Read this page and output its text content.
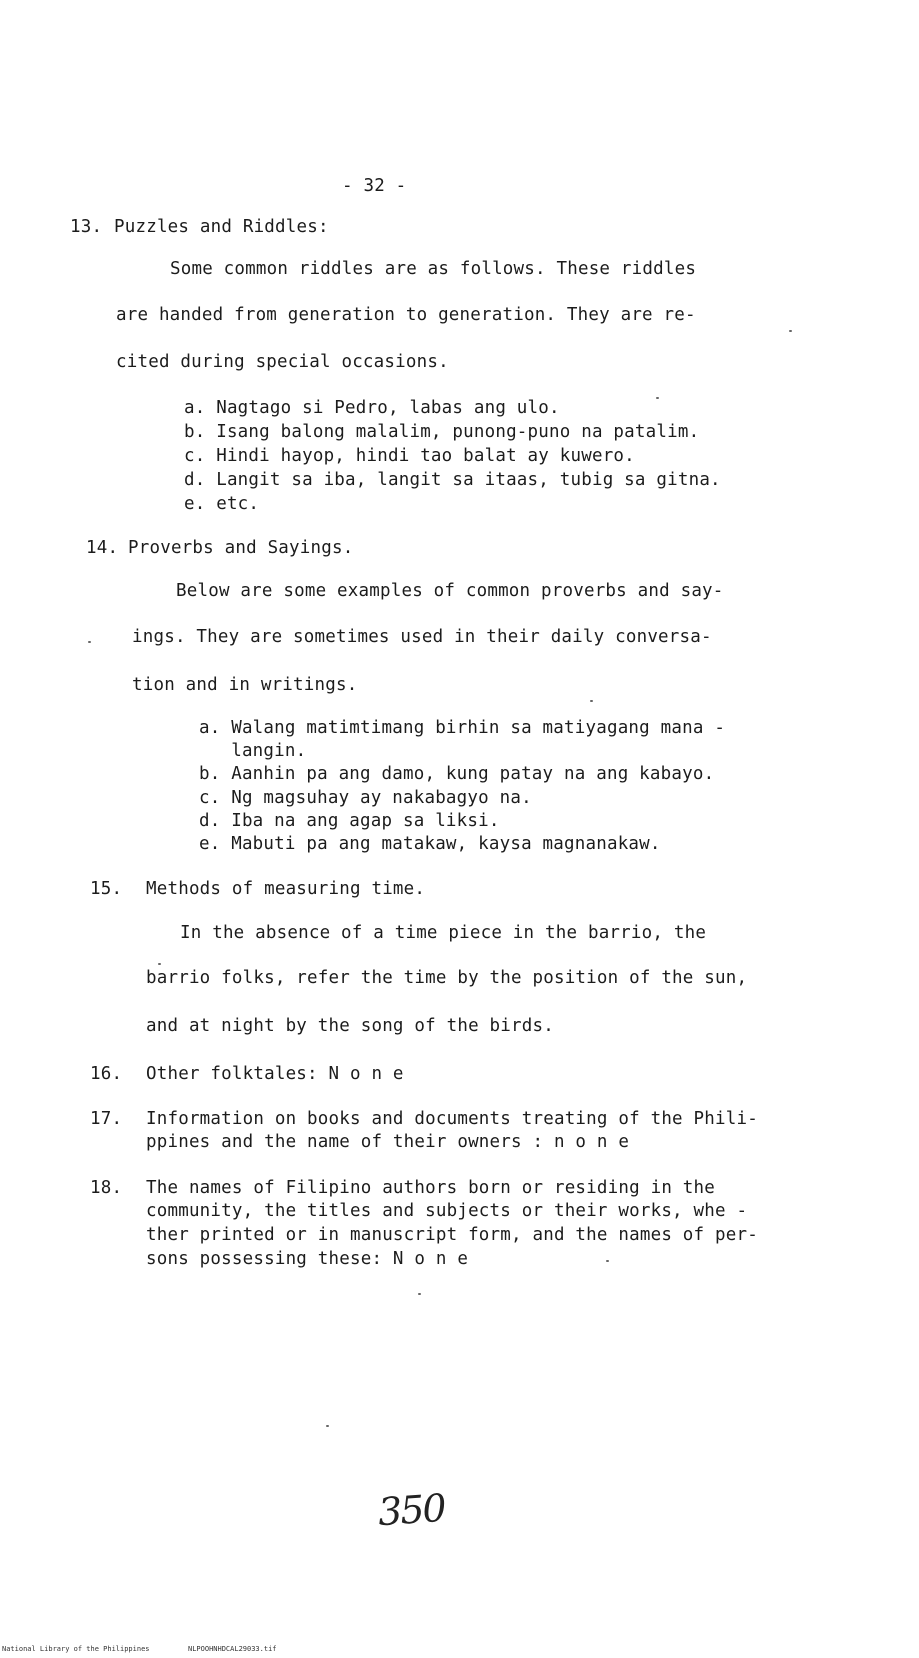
- 32 -
13. Puzzles and Riddles:
Some common riddles are as follows. These riddles
are handed from generation to generation. They are re-
cited during special occasions.
a. Nagtago si Pedro, labas ang ulo.
b. Isang balong malalim, punong-puno na patalim.
c. Hindi hayop, hindi tao balat ay kuwero.
d. Langit sa iba, langit sa itaas, tubig sa gitna.
e. etc.
14. Proverbs and Sayings.
Below are some examples of common proverbs and say-
ings. They are sometimes used in their daily conversa-
tion and in writings.
a. Walang matimtimang birhin sa matiyagang mana -
langin.
b. Aanhin pa ang damo, kung patay na ang kabayo.
c. Ng magsuhay ay nakabagyo na.
d. Iba na ang agap sa liksi.
e. Mabuti pa ang matakaw, kaysa magnanakaw.
15. Methods of measuring time.
In the absence of a time piece in the barrio, the
barrio folks, refer the time by the position of the sun,
and at night by the song of the birds.
16. Other folktales: N o n e
17. Information on books and documents treating of the Phili-
ppines and the name of their owners : n o n e
18. The names of Filipino authors born or residing in the
community, the titles and subjects or their works, whe -
ther printed or in manuscript form, and the names of per-
sons possessing these: N o n e
350
National Library of the Philippines	NLPOOHNHDCAL29033.tif
